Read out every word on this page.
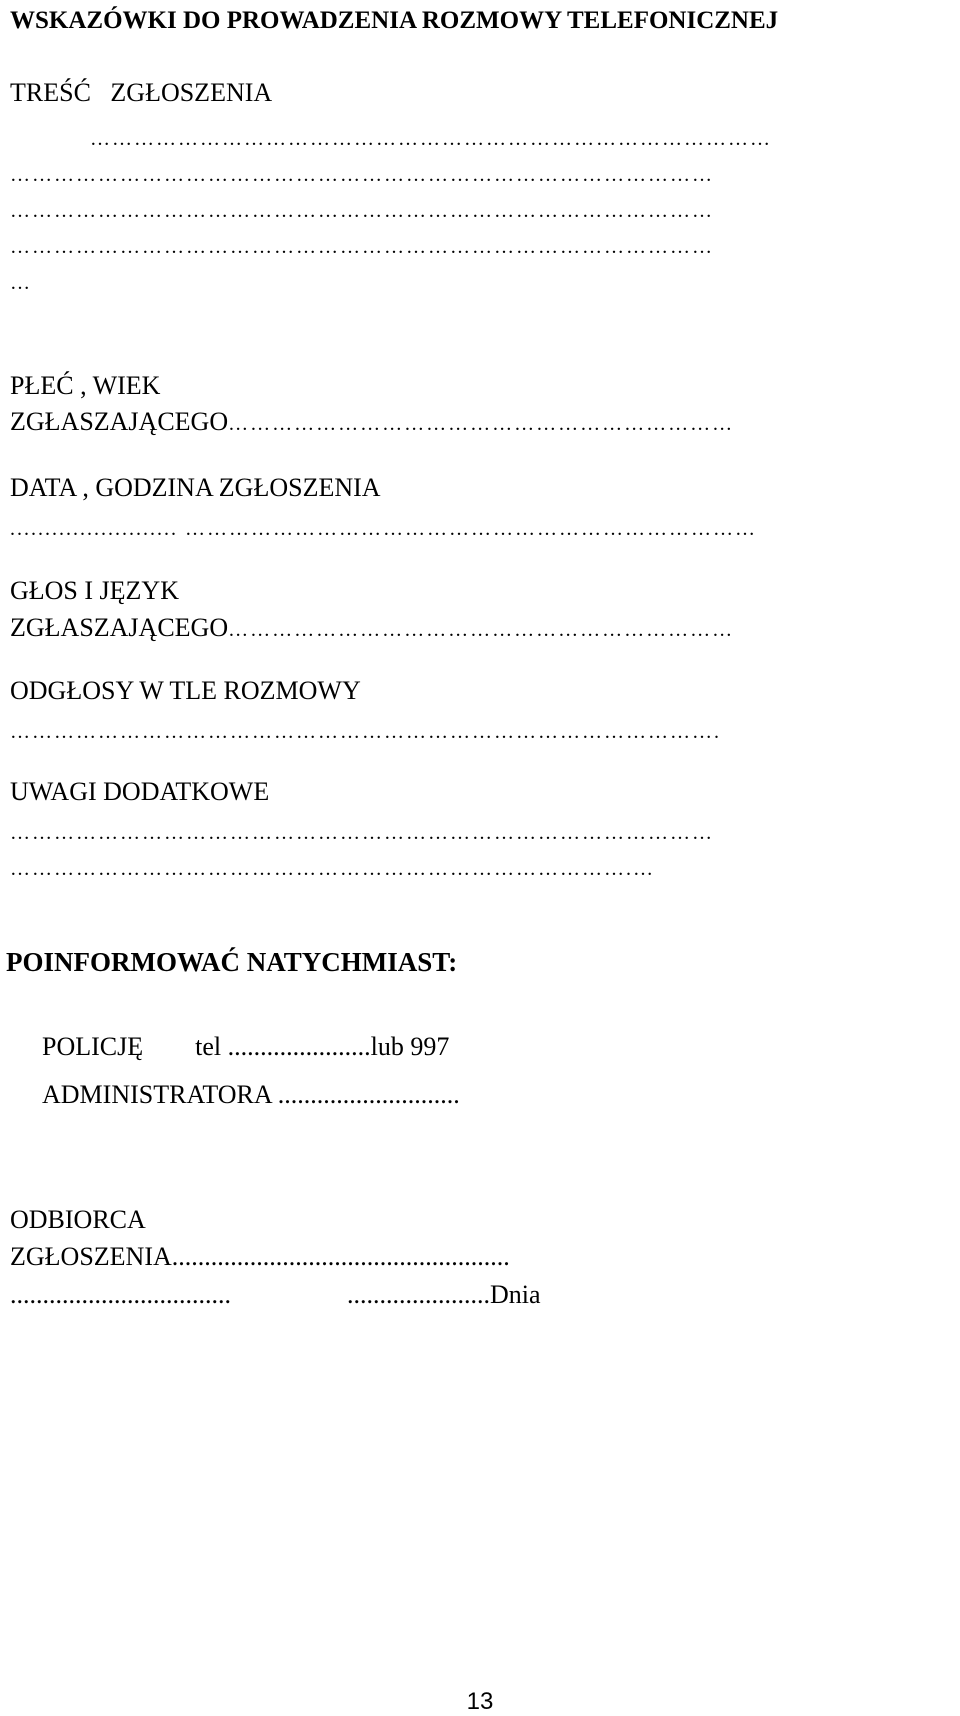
WSKAZÓWKI DO PROWADZENIA ROZMOWY TELEFONICZNEJ
TREŚĆ   ZGŁOSZENIA
…………………………………………………………………………………
……………………………………………………………………………………
……………………………………………………………………………………
……………………………………………………………………………………
…
PŁEĆ , WIEK
ZGŁASZAJĄCEGO……………………………………………………………
DATA , GODZINA ZGŁOSZENIA
........................ ……………………………………………………………………
GŁOS I JĘZYK
ZGŁASZAJĄCEGO……………………………………………………………
ODGŁOSY W TLE ROZMOWY
…………………………………………………………………………………….
UWAGI DODATKOWE
……………………………………………………………………………………
………………………………………………………………………….…
POINFORMOWAĆ NATYCHMIAST:
POLICJĘ tel ......................lub 997
ADMINISTRATORA ............................
ODBIORCA
ZGŁOSZENIA....................................................
..................................	......................Dnia
13
